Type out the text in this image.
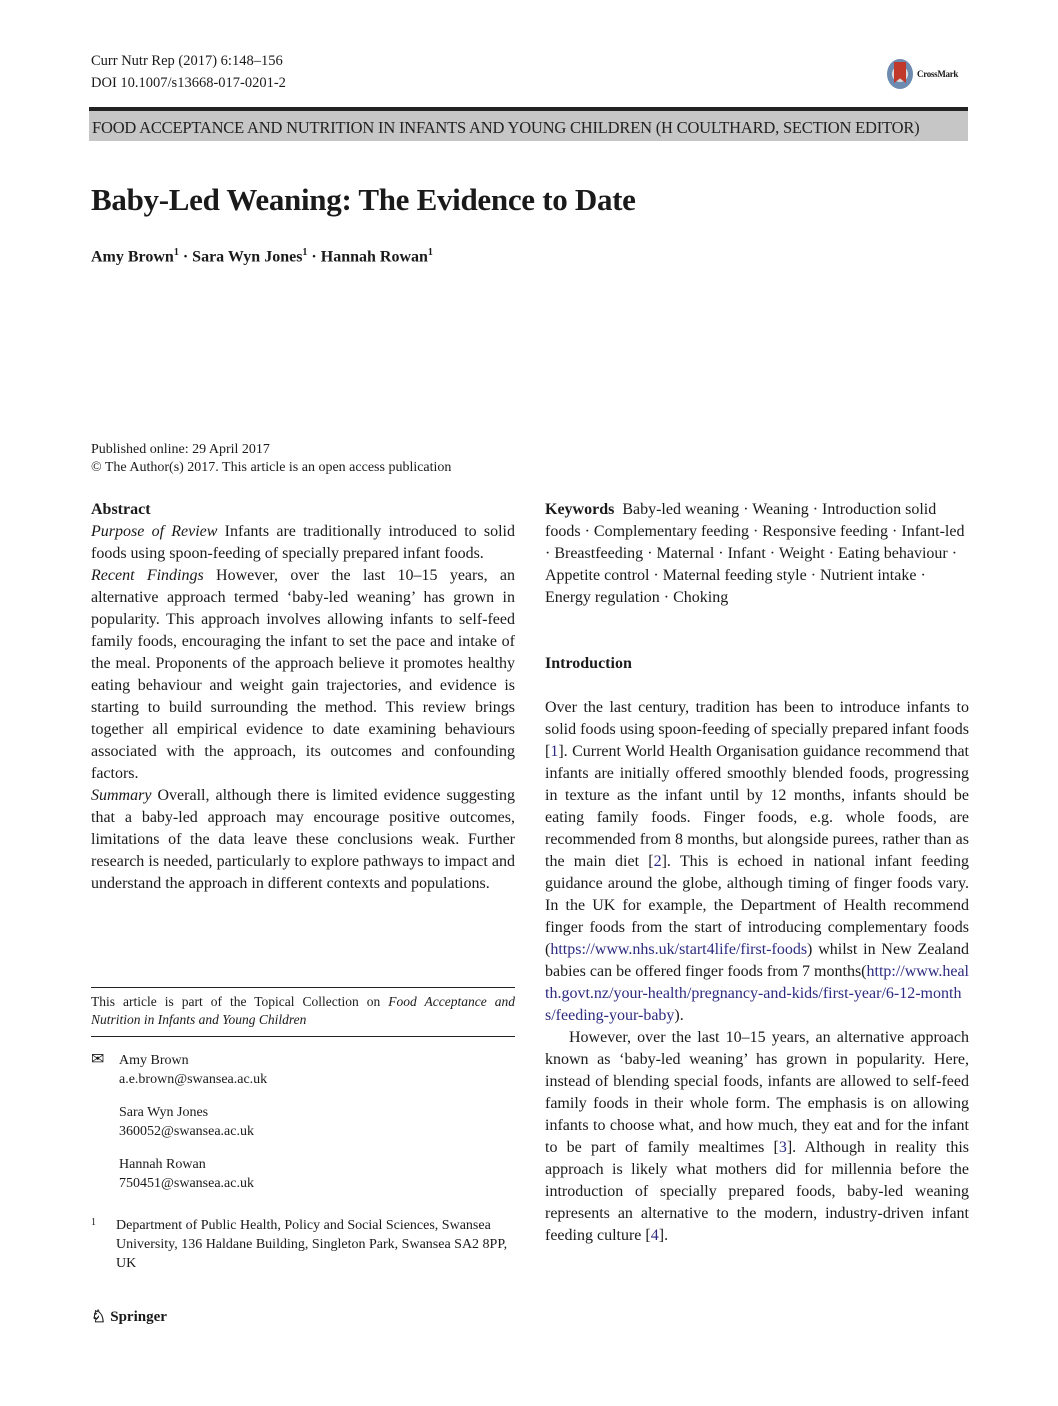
Curr Nutr Rep (2017) 6:148–156
DOI 10.1007/s13668-017-0201-2
CrossMark
FOOD ACCEPTANCE AND NUTRITION IN INFANTS AND YOUNG CHILDREN (H COULTHARD, SECTION EDITOR)
Baby-Led Weaning: The Evidence to Date
Amy Brown$^1$ · Sara Wyn Jones$^1$ · Hannah Rowan$^1$
Published online: 29 April 2017
© The Author(s) 2017. This article is an open access publication
Abstract

Purpose of Review Infants are traditionally introduced to solid foods using spoon-feeding of specially prepared infant foods.

Recent Findings However, over the last 10–15 years, an alternative approach termed ‘baby-led weaning’ has grown in popularity. This approach involves allowing infants to self-feed family foods, encouraging the infant to set the pace and intake of the meal. Proponents of the approach believe it promotes healthy eating behaviour and weight gain trajectories, and evidence is starting to build surrounding the method. This review brings together all empirical evidence to date examining behaviours associated with the approach, its outcomes and confounding factors.

Summary Overall, although there is limited evidence suggesting that a baby-led approach may encourage positive outcomes, limitations of the data leave these conclusions weak. Further research is needed, particularly to explore pathways to impact and understand the approach in different contexts and populations.

This article is part of the Topical Collection on Food Acceptance and Nutrition in Infants and Young Children
✉ Amy Brown
a.e.brown@swansea.ac.uk
Sara Wyn Jones
360052@swansea.ac.uk
Hannah Rowan
750451@swansea.ac.uk
1	Department of Public Health, Policy and Social Sciences, Swansea University, 136 Haldane Building, Singleton Park, Swansea SA2 8PP, UK
♘ Springer

Keywords Baby-led weaning · Weaning · Introduction solid foods · Complementary feeding · Responsive feeding · Infant-led · Breastfeeding · Maternal · Infant · Weight · Eating behaviour · Appetite control · Maternal feeding style · Nutrient intake · Energy regulation · Choking

Introduction

Over the last century, tradition has been to introduce infants to solid foods using spoon-feeding of specially prepared infant foods [1]. Current World Health Organisation guidance recommend that infants are initially offered smoothly blended foods, progressing in texture as the infant until by 12 months, infants should be eating family foods. Finger foods, e.g. whole foods, are recommended from 8 months, but alongside purees, rather than as the main diet [2]. This is echoed in national infant feeding guidance around the globe, although timing of finger foods vary. In the UK for example, the Department of Health recommend finger foods from the start of introducing complementary foods (https://www.nhs.uk/start4life/first-foods) whilst in New Zealand babies can be offered finger foods from 7 months(http://www.health.govt.nz/your-health/pregnancy-and-kids/first-year/6-12-months/feeding-your-baby).

However, over the last 10–15 years, an alternative approach known as ‘baby-led weaning’ has grown in popularity. Here, instead of blending special foods, infants are allowed to self-feed family foods in their whole form. The emphasis is on allowing infants to choose what, and how much, they eat and for the infant to be part of family mealtimes [3]. Although in reality this approach is likely what mothers did for millennia before the introduction of specially prepared foods, baby-led weaning represents an alternative to the modern, industry-driven infant feeding culture [4].
